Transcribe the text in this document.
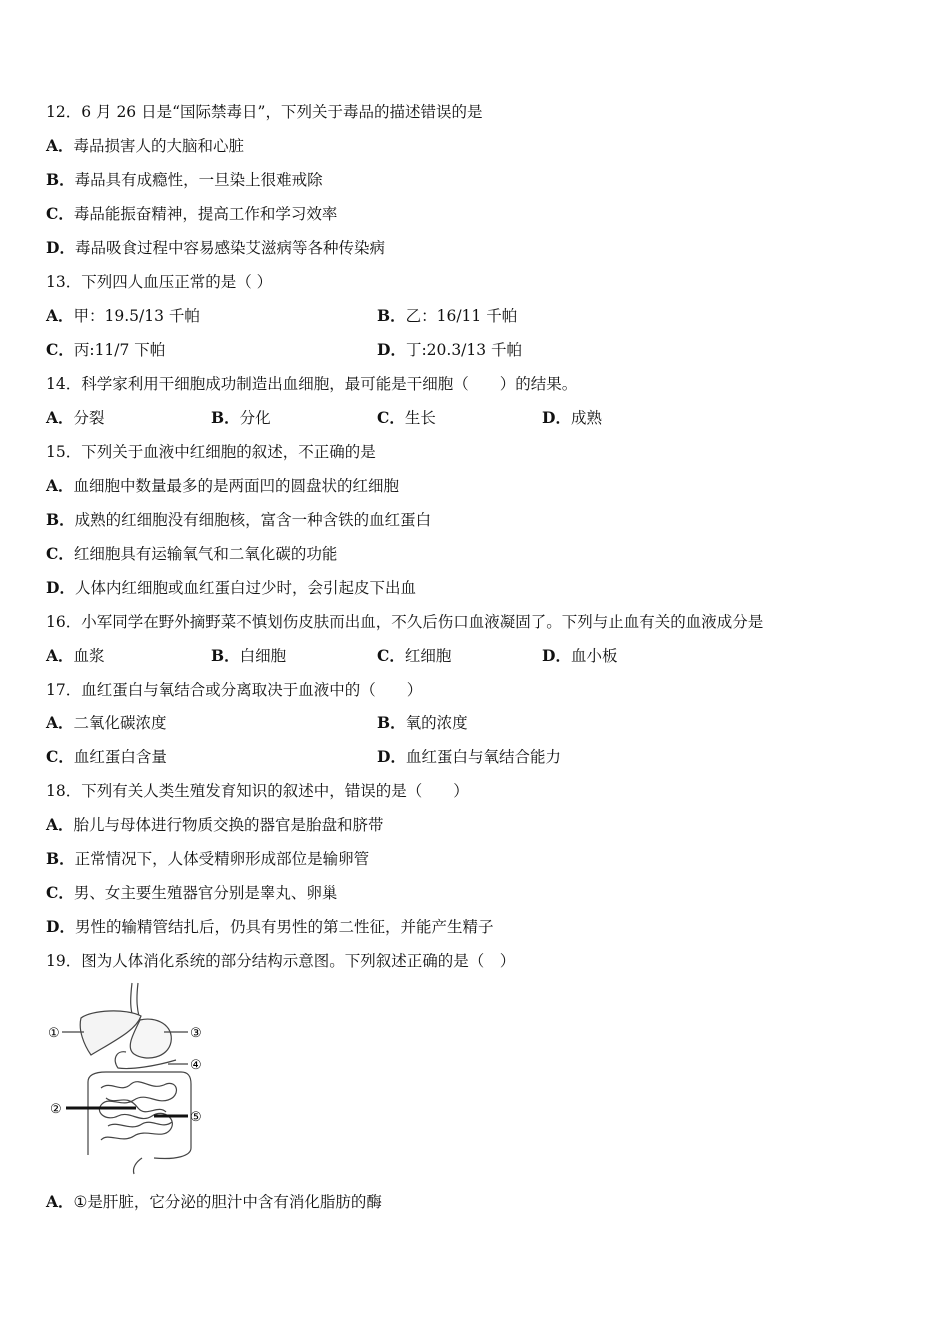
12．6 月 26 日是“国际禁毒日”，下列关于毒品的描述错误的是
A．毒品损害人的大脑和心脏
B．毒品具有成瘾性，一旦染上很难戒除
C．毒品能振奋精神，提高工作和学习效率
D．毒品吸食过程中容易感染艾滋病等各种传染病
13．下列四人血压正常的是（ ）
A．甲：19.5/13 千帕	B．乙：16/11 千帕
C．丙:11/7 下帕	D．丁:20.3/13 千帕
14．科学家利用干细胞成功制造出血细胞，最可能是干细胞（　　）的结果。
A．分裂	B．分化	C．生长	D．成熟
15．下列关于血液中红细胞的叙述，不正确的是
A．血细胞中数量最多的是两面凹的圆盘状的红细胞
B．成熟的红细胞没有细胞核，富含一种含铁的血红蛋白
C．红细胞具有运输氧气和二氧化碳的功能
D．人体内红细胞或血红蛋白过少时，会引起皮下出血
16．小军同学在野外摘野菜不慎划伤皮肤而出血，不久后伤口血液凝固了。下列与止血有关的血液成分是
A．血浆	B．白细胞	C．红细胞	D．血小板
17．血红蛋白与氧结合或分离取决于血液中的（　　）
A．二氧化碳浓度	B．氧的浓度
C．血红蛋白含量	D．血红蛋白与氧结合能力
18．下列有关人类生殖发育知识的叙述中，错误的是（　　）
A．胎儿与母体进行物质交换的器官是胎盘和脐带
B．正常情况下，人体受精卵形成部位是输卵管
C．男、女主要生殖器官分别是睾丸、卵巢
D．男性的输精管结扎后，仍具有男性的第二性征，并能产生精子
19．图为人体消化系统的部分结构示意图。下列叙述正确的是（　）
①
②
③
④
⑤
A．①是肝脏，它分泌的胆汁中含有消化脂肪的酶
